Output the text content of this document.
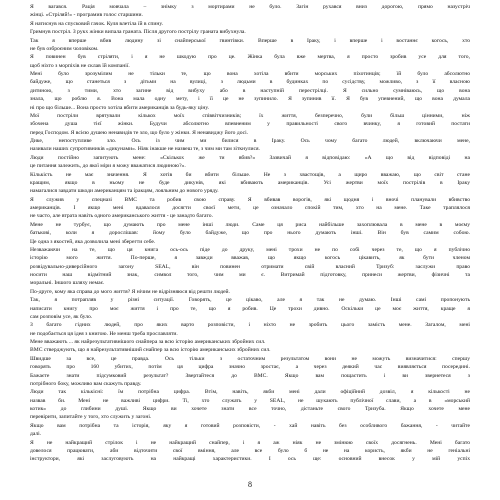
Я вагався. Рація мовчала – знімку з мортирами не було. Загін рухався вниз дорогою, прямо назустріч
жінці. «Стріляй!» - програмив голос старшини.
Я натиснув на спусковий гачок. Куля влетіла їй в спину.
Гримнув постріл. З рукх жінки випала граната. Після другого пострілу граната вибухнула.
Так я вперше вбив людину зі снайперської гвинтівки. Вперше в Іраку, і вперше і востаннє когось, хто
не був озброєним чоловіком.
Я повинен був стріляти, і я не шкодую про це. Жінка була вже мертва, я просто зробив усе для того,
щоб ніхто з морпіхів не склав їй компанії.
Мені було зрозумілим не тільки те, що вона хотіла вбити морських піхотинців; їй було абсолютно
байдуже, що станеться з дітьми на вулиці, з людьми в будинках по сусідству, можливо, з її власною
дитиною, з тими, хто загине від вибуху або в наступній перестрілці. Я сильно сумніваюсь, що вона
знала, що роблю я. Вона мала одну мету, і її це не зупинило. Я зупинив її. Я був упевнений, що вона думала
ні про що більше... Вона просто хотіла вбити американців за будь-яку ціну.
Мої постріли врятували кількох моїх співвітчизників; їх життя, безперечно, були більш цінними, ніж
збочена душа тієї жінки. Будучи абсолютно впевненим у правильності свого вчинку, я готовий постати
перед Господом. Я всією душею ненавидів те зло, що було у жінки. Я ненавиджу його досі.
Дике, непоступливе зло. Ось із чим ми билися в Іраку. Ось чому багато людей, включаючи мене,
називали наших супротивників «дикунами». Ніяк інакше не назвеш те, з чим ми там зіткнулися.
Люди постійно запитують мене: «Скількох же ти вбив?» Зазвичай я відповідаю: «А що від відповіді на
це питання залежить, до якої міри я можу вважатися людиною?».
Кількість не має значення. Я хотів би вбити більше. Не з хвастощів, а щиро вважаю, що світ стане
кращим, якщо в ньому не буде дикунів, які вбивають американців. Усі жертви моїх пострілів в Іраку
намагалися завдати шкоди американцям та іракцям, лояльним до нового уряду.
Я служив у спецназі ВМС та робив свою справу. Я вбивав ворогів, які щодня і вночі планували вбивство
американців. І якщо мені вдавалося досягти своєї мети, це означало спокій тим, хто на мене. Таке траплялося
не часто, але втрата навіть одного американського життя - це занадто багато.
Мене не турбує, що думають про мене інші люди. Саме ця риса найбільше захоплювала в мене в моєму
батькові, коли я дорослішав: йому було байдуже, що про нього думають інші. Він був самим собою.
Це одна з якостей, яка дозволила мені зберегти себе.
Незважаючи на те, що ця книга ось-ось піде до друку, мені трохи не по собі через те, що я публічно
історію мого життя. По-перше, я завжди вважав, що якщо когось цікавить, як бути членом
розвідувально-диверсійного загону SEAL, він повинен отримати свій власний Тризуб: заслужи право
носити наш відмітний знак, символ того, чим ми є. Витримай підготовку, принеси жертви, фізичні та
моральні. Іншого шляху немає.
По-друге, кому яка справа до мого життя? Я нічим не відрізняюся від решти людей.
Так, я потрапляв у різні ситуації. Говорять, це цікаво, але я так не думаю. Інші самі пропонують
написати книгу про моє життя і про те, що я робив. Це трохи дивно. Оскільки це моє життя, краще я
сам розповім усе, як було.
З багато гідних людей, про яких варто розповісти, і ніхто не зробить цього замість мене. Загалом, мені
не подобається ця ідея з книгою. Не менш треба прославляти.
Мене вважають ... як найрезультативнішого снайпера за всю історію американських збройних сил.
ВМС стверджують, що я найрезультативніший снайпер за всю історію американських збройних сил.
Швидше за все, це правда. Ось тільки з остаточним результатом вони не можуть визначитися: спершу
говорять про 160 убитих, потім ця цифра значно зростає, а через деякий час виявляється посередині.
Бажаєте знати підсумковий результат? Звертайтеся до ВМС. Якщо вам пощастить і ви звернетеся з
потрібного боку, можливо вам скажуть правду.
Люди так кількісні: їм потрібна цифра. Втім, навіть, якби мені дали офіційний дозвіл, я кількості не
назвав би. Мені не важливі цифри. Ті, хто служать у SEAL, не шукають публічної слави, а в «морський
котик» до глибини душі. Якщо ви хочете знати все точно, дістаньте свого Тризуба. Якщо хочете мене
перевірити, запитайте у того, хто служить у загоні.
Якщо вам потрібна та історія, яку я готовий розповісти, - хай навіть без особливого бажання, - читайте
далі.
Я не найкращий стрілок і не найкращий снайпер, і я аж ніяк не змінюю своїх досягнень. Мені багато
довелося працювати, аби відточити свої вміння, але все було б не на користь, якби не геніальні
інструктори, які заслуговують на найкращі характеристики. І ось ще: основний внесок у мій успіх
8
